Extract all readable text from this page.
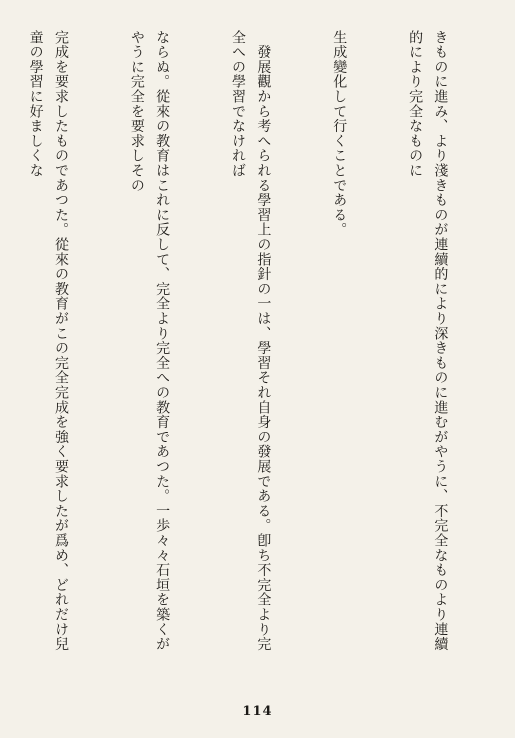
きものに進み、より淺きものが連續的により深きものに進むがやうに、不完全なものより連續的により完全なものに

生成變化して行くことである。

　發展觀から考へられる學習上の指針の一は、學習それ自身の發展である。卽ち不完全より完全への學習でなければ

ならぬ。從來の教育はこれに反して、完全より完全への教育であつた。一歩々々石垣を築くがやうに完全を要求しその

完成を要求したものであつた。從來の教育がこの完全完成を強く要求したが爲め、どれだけ兒童の學習に好ましくな

114
